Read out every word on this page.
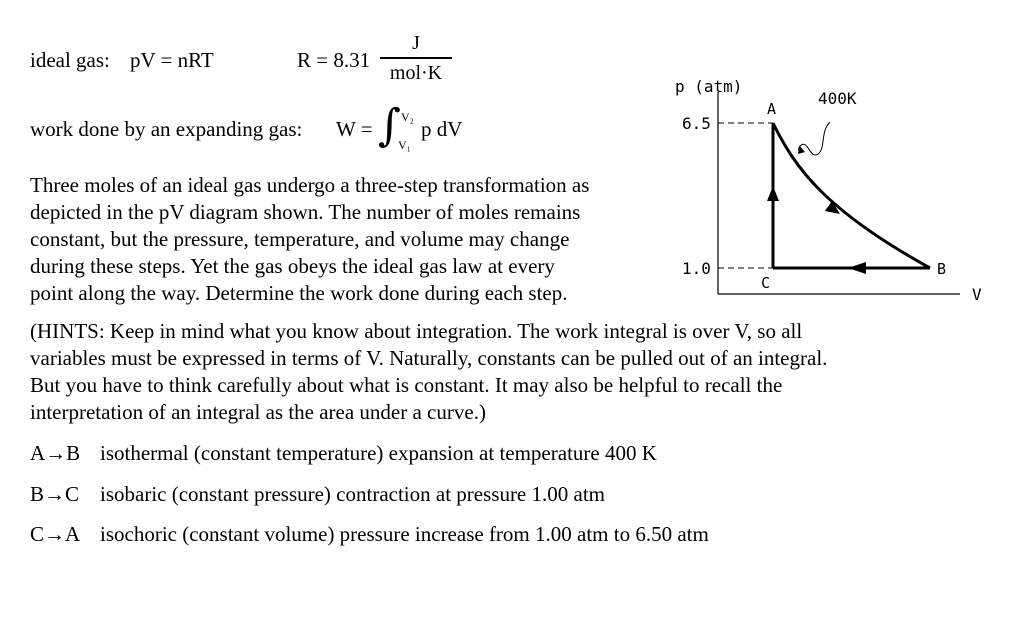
ideal gas: pV = nRT	R = 8.31
J
mol·K
work done by an expanding gas: W = ∫ V₂
V₁
p dV
Three moles of an ideal gas undergo a three-step transformation as
depicted in the pV diagram shown. The number of moles remains
constant, but the pressure, temperature, and volume may change
during these steps. Yet the gas obeys the ideal gas law at every
point along the way. Determine the work done during each step.
(HINTS: Keep in mind what you know about integration. The work integral is over V, so all
variables must be expressed in terms of V. Naturally, constants can be pulled out of an integral.
But you have to think carefully about what is constant. It may also be helpful to recall the
interpretation of an integral as the area under a curve.)
A→B isothermal (constant temperature) expansion at temperature 400 K
B→C isobaric (constant pressure) contraction at pressure 1.00 atm
C→A isochoric (constant volume) pressure increase from 1.00 atm to 6.50 atm
p (atm)
V
6.5
1.0
A
B
C
400K
